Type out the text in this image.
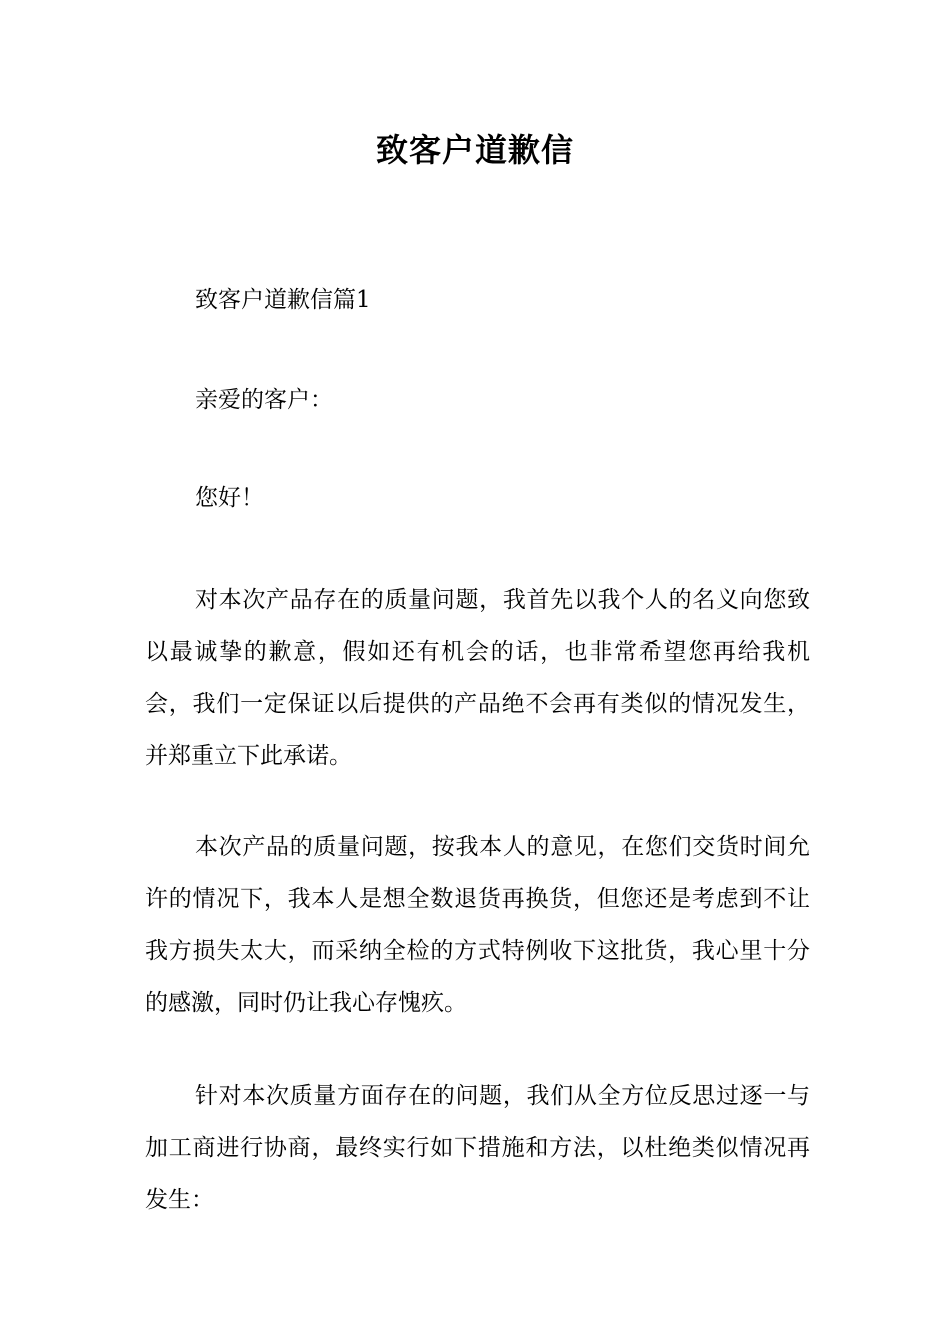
致客户道歉信

致客户道歉信篇1

亲爱的客户：

您好！

对本次产品存在的质量问题，我首先以我个人的名义向您致以最诚挚的歉意，假如还有机会的话，也非常希望您再给我机会，我们一定保证以后提供的产品绝不会再有类似的情况发生，并郑重立下此承诺。

本次产品的质量问题，按我本人的意见，在您们交货时间允许的情况下，我本人是想全数退货再换货，但您还是考虑到不让我方损失太大，而采纳全检的方式特例收下这批货，我心里十分的感激，同时仍让我心存愧疚。

针对本次质量方面存在的问题，我们从全方位反思过逐一与加工商进行协商，最终实行如下措施和方法，以杜绝类似情况再发生：
